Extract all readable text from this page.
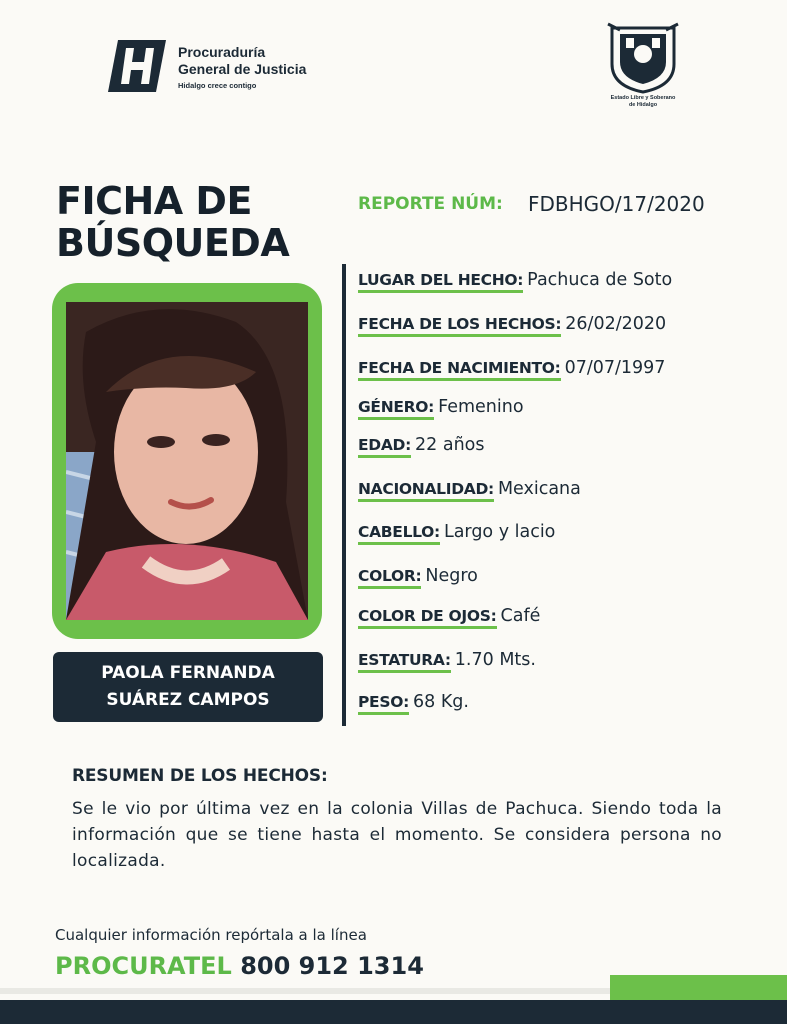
Procuraduría
General de Justicia
Hidalgo crece contigo
Estado Libre y Soberano
de Hidalgo
FICHA DE
BÚSQUEDA
REPORTE NÚM: FDBHGO/17/2020
PAOLA FERNANDA
SUÁREZ CAMPOS
LUGAR DEL HECHO: Pachuca de Soto
FECHA DE LOS HECHOS: 26/02/2020
FECHA DE NACIMIENTO: 07/07/1997
GÉNERO: Femenino
EDAD: 22 años
NACIONALIDAD: Mexicana
CABELLO: Largo y lacio
COLOR: Negro
COLOR DE OJOS: Café
ESTATURA: 1.70 Mts.
PESO: 68 Kg.
RESUMEN DE LOS HECHOS:
Se le vio por última vez en la colonia Villas de Pachuca. Siendo toda la información que se tiene hasta el momento. Se considera persona no localizada.
Cualquier información repórtala a la línea
PROCURATEL 800 912 1314
